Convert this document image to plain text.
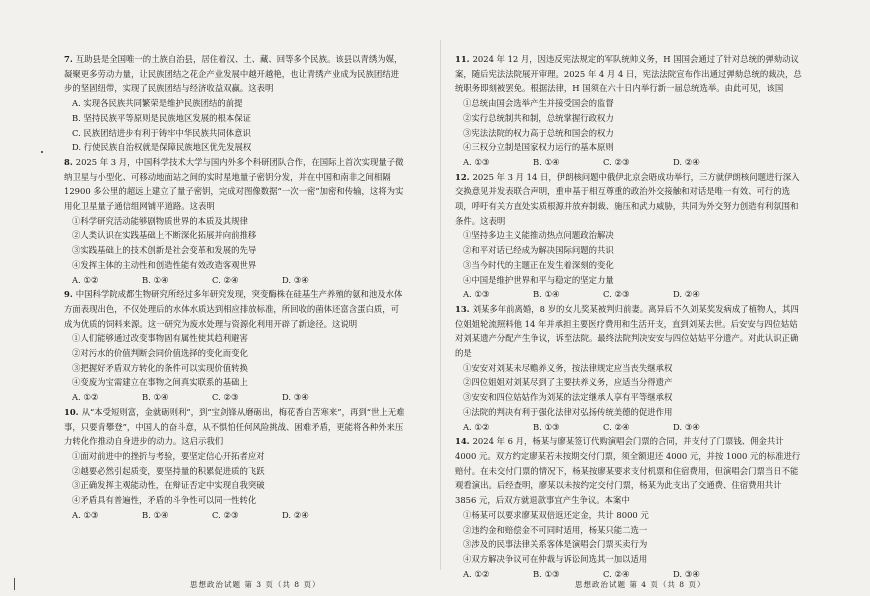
7. 互助县是全国唯一的土族自治县，居住着汉、土、藏、回等多个民族。该县以青绣为媒，凝聚更多劳动力量，让民族团结之花企产业发展中越开越艳，也让青绣产业成为民族团结进步的坚固纽带，实现了民族团结与经济收益双赢。这表明
A. 实现各民族共同繁荣是维护民族团结的前提
B. 坚持民族平等原则是民族地区发展的根本保证
C. 民族团结进步有利于铸牢中华民族共同体意识
D. 行使民族自治权就是保障民族地区优先发展权
8. 2025 年 3 月，中国科学技术大学与国内外多个科研团队合作，在国际上首次实现量子微纳卫星与小型化、可移动地面站之间的实时星地量子密钥分发，并在中国和南非之间相隔 12900 多公里的超远上建立了量子密钥，完成对图像数据“一次一密”加密和传输，这将为实用化卫星量子通信组网铺平道路。这表明
①科学研究活动能够剧物质世界的本质及其规律
②人类认识在实践基础上不断深化拓展并向前推移
③实践基础上的技术创新是社会变革和发展的先导
④发挥主体的主动性和创造性能有效改造客观世界
A. ①②	B. ①④	C. ②④	D. ③④
9. 中国科学院成都生物研究所经过多年研究发现，突变酶株在硅基生产养殖的氨和池及水体方面表现出色，不仅处理后的水体水质达到相应排放标准，所回收的菌体还富含蛋白质，可成为优质的饲料来源。这一研究为废水处理与资源化利用开辟了新途径。这说明
①人们能够通过改变事物固有属性使其趋利避害
②对污水的价值判断会同价值选择的变化而变化
③把握好矛盾双方转化的条件可以实现价值转换
④变废为宝需建立在事物之间真实联系的基础上
A. ①②	B. ①④	C. ②③	D. ③④
10. 从“本受短则富，金就砺则利”，到“宝剑锋从磨砺出，梅花香自苦寒来”，再到“世上无难事，只要肯攀登”，中国人的奋斗意，从不惧怕任何风险挑战、困难矛盾，更能将各种外来压力转化作推动自身进步的动力。这启示我们
①面对前进中的挫折与考验，要坚定信心开拓者应对
②越要必然引起质变，要坚持量的积累促进质的飞跃
③正确发挥主观能动性，在辩证否定中实现自我突破
④矛盾具有普遍性，矛盾的斗争性可以同一性转化
A. ①③	B. ①④	C. ②③	D. ②④
11. 2024 年 12 月，因违反宪法规定的军队统帅义务，H 国国会通过了针对总统的弹劾动议案，随后宪法法院展开审理。2025 年 4 月 4 日，宪法法院宣布作出通过弹劾总统的裁决，总统职务即刻被罢免。根据法律，H 国须在六十日内举行新一届总统选举。由此可见，该国
①总统由国会选举产生并接受国会的监督
②实行总统制共和制，总统掌握行政权力
③宪法法院的权力高于总统和国会的权力
④三权分立制是国家权力运行的基本原则
A. ①③	B. ①④	C. ②③	D. ②④
12. 2025 年 3 月 14 日，伊朗核问题中俄伊北京会晤成功举行，三方就伊朗核问题进行深入交换意见并发表联合声明，重申基于相互尊重的政治外交接触和对话是唯一有效、可行的选项，呼吁有关方直处实质根源并放弃制裁、施压和武力威胁，共同为外交努力创造有利氛围和条件。这表明
①坚持多边主义能推动热点问题政治解决
②和平对话已经成为解决国际问题的共识
③当今时代的主题正在发生着深刻的变化
④中国是维护世界和平与稳定的坚定力量
A. ①③	B. ①④	C. ②③	D. ②④
13. 刘某多年前离婚，8 岁的女儿奖某被判归前妻。离异后不久刘某奖发病成了植物人，其四位姐姐轮流照料他 14 年并承担主要医疗费用和生活开支，直到刘某去世。后安安与四位姑姑对刘某遗产分配产生争议，诉至法院。最终法院判决安安与四位姑姑平分遗产。对此认识正确的是
①安安对刘某未尽赡养义务，按法律规定应当丧失继承权
②四位姐姐对刘某尽到了主要扶养义务，应适当分得遗产
③安安和四位姑姑作为刘某的法定继承人享有平等继承权
④法院的判决有利于强化法律对弘扬传统美德的促进作用
A. ①②	B. ①③	C. ②④	D. ③④
14. 2024 年 6 月，杨某与廖某签订代购演唱会门票的合同，并支付了门票钱、佣金共计 4000 元。双方约定廖某若未按期交付门票，须全额退还 4000 元，并按 1000 元的标准进行赔付。在未交付门票的情况下，杨某按廖某要求支付机票和住宿费用，但演唱会门票当日不能观看演出。后经查明，廖某以未按约定交付门票，杨某为此支出了交通费、住宿费用共计 3856 元，后双方就退款事宜产生争议。本案中
①杨某可以要求廖某双倍返还定金，共计 8000 元
②违约金和赔偿金不可同时适用，杨某只能二选一
③涉及的民事法律关系客体是演唱会门票买卖行为
④双方解决争议可在仲裁与诉讼间选其一加以适用
A. ①②	B. ①③	C. ②④	D. ③④
思想政治试题 第 3 页（共 8 页）	思想政治试题 第 4 页（共 8 页）
